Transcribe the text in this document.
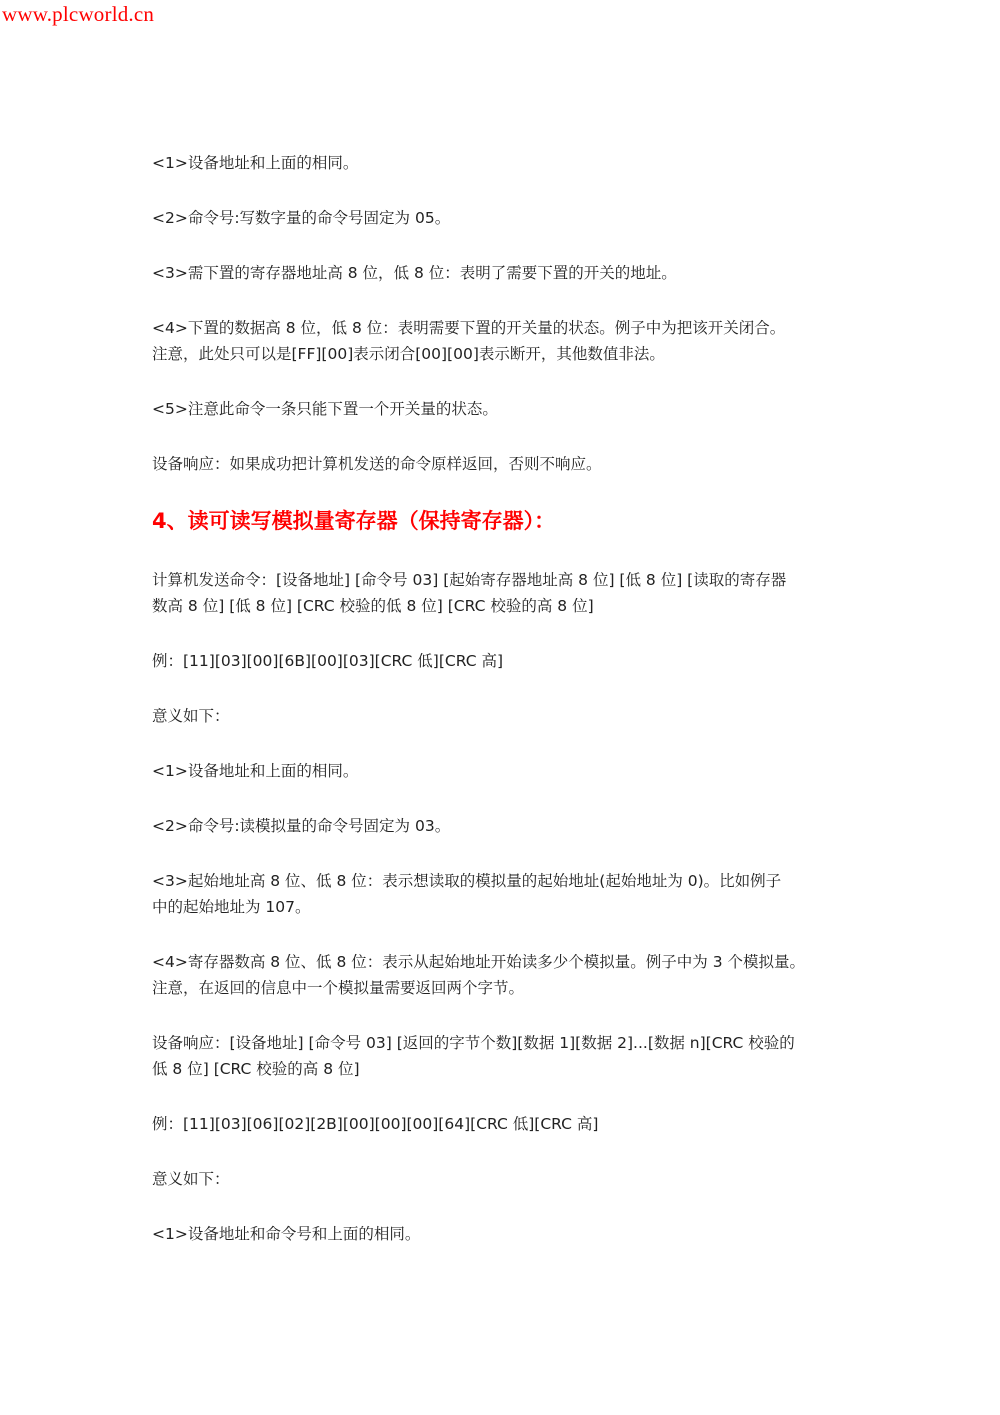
www.plcworld.cn

<1>设备地址和上面的相同。

<2>命令号:写数字量的命令号固定为 05。

<3>需下置的寄存器地址高 8 位，低 8 位：表明了需要下置的开关的地址。

<4>下置的数据高 8 位，低 8 位：表明需要下置的开关量的状态。例子中为把该开关闭合。
注意，此处只可以是[FF][00]表示闭合[00][00]表示断开，其他数值非法。

<5>注意此命令一条只能下置一个开关量的状态。

设备响应：如果成功把计算机发送的命令原样返回，否则不响应。

4、读可读写模拟量寄存器（保持寄存器）：

计算机发送命令：[设备地址] [命令号 03] [起始寄存器地址高 8 位] [低 8 位] [读取的寄存器
数高 8 位] [低 8 位] [CRC 校验的低 8 位] [CRC 校验的高 8 位]

例：[11][03][00][6B][00][03][CRC 低][CRC 高]

意义如下：

<1>设备地址和上面的相同。

<2>命令号:读模拟量的命令号固定为 03。

<3>起始地址高 8 位、低 8 位：表示想读取的模拟量的起始地址(起始地址为 0)。比如例子
中的起始地址为 107。

<4>寄存器数高 8 位、低 8 位：表示从起始地址开始读多少个模拟量。例子中为 3 个模拟量。
注意，在返回的信息中一个模拟量需要返回两个字节。

设备响应：[设备地址] [命令号 03] [返回的字节个数][数据 1][数据 2]...[数据 n][CRC 校验的
低 8 位] [CRC 校验的高 8 位]

例：[11][03][06][02][2B][00][00][00][64][CRC 低][CRC 高]

意义如下：

<1>设备地址和命令号和上面的相同。
